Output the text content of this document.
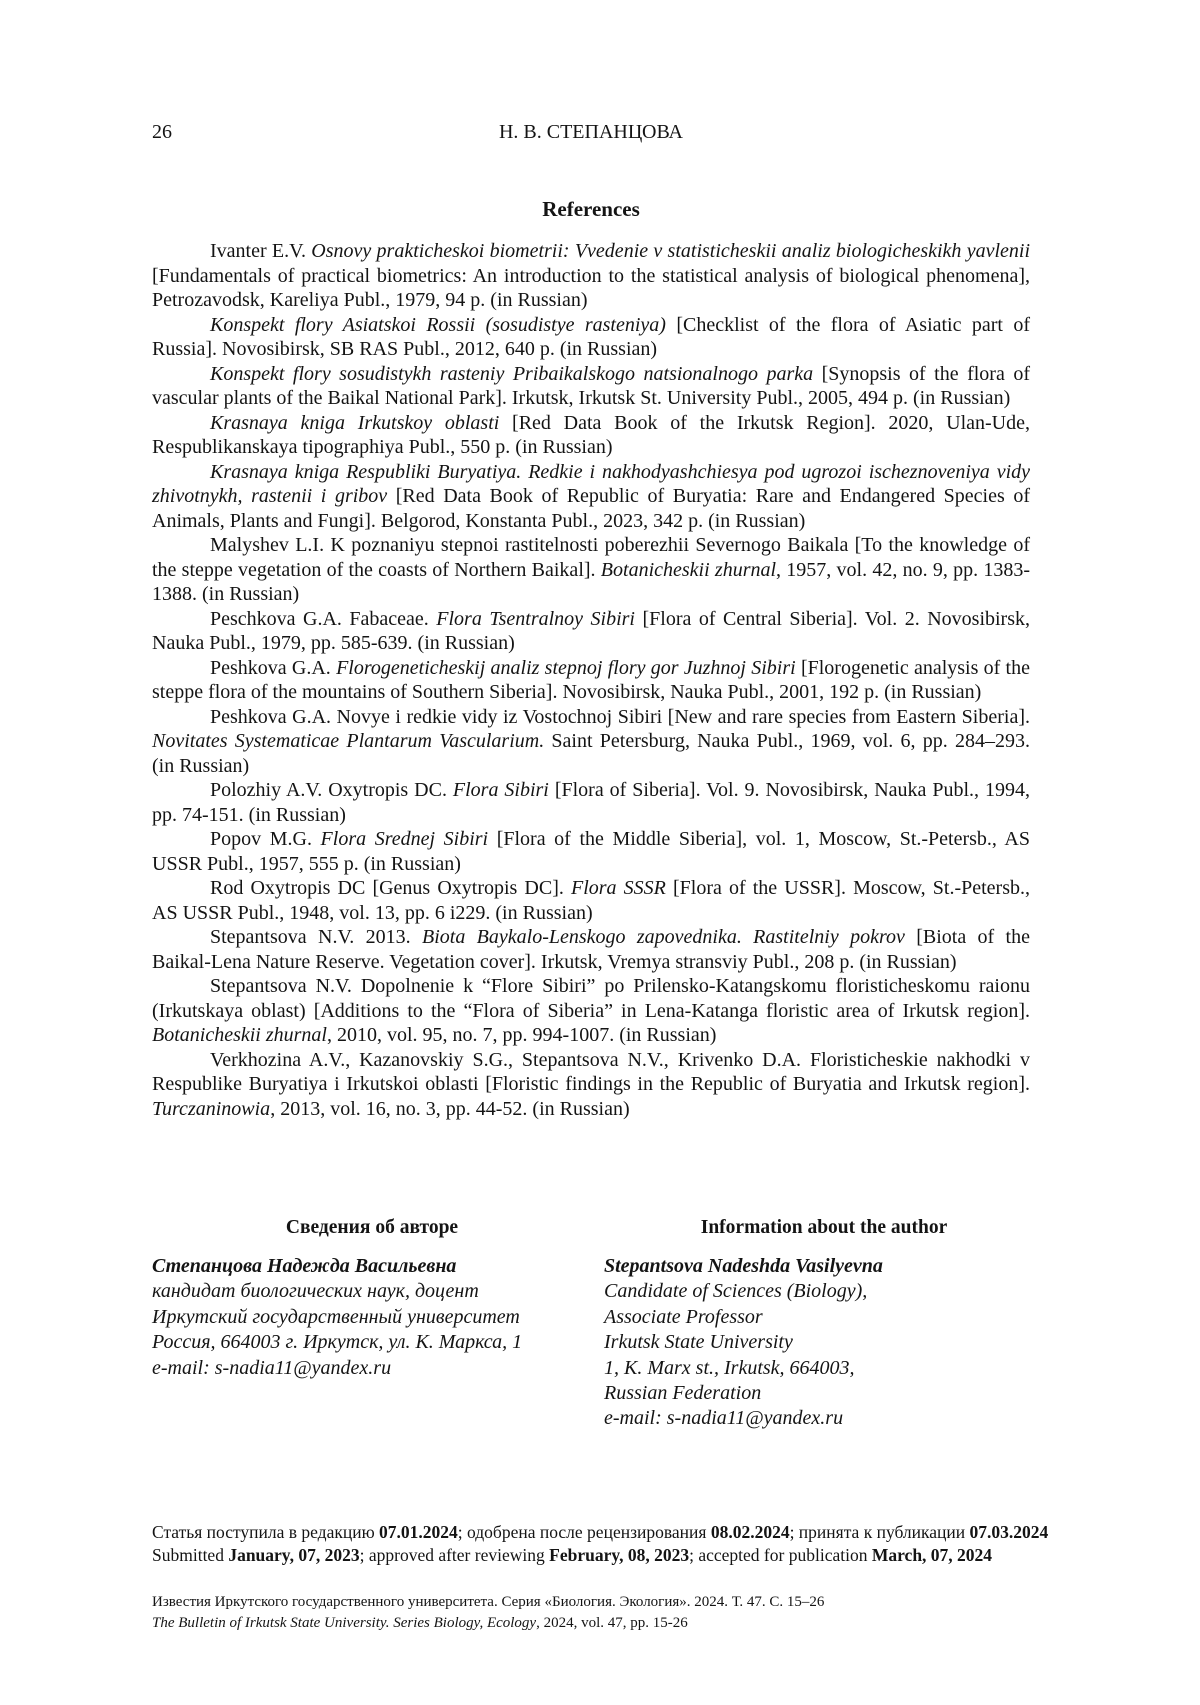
26	Н. В. СТЕПАНЦОВА
References

Ivanter E.V. Osnovy prakticheskoi biometrii: Vvedenie v statisticheskii analiz biologicheskikh yavlenii [Fundamentals of practical biometrics: An introduction to the statistical analysis of biological phenomena], Petrozavodsk, Kareliya Publ., 1979, 94 p. (in Russian)

Konspekt flory Asiatskoi Rossii (sosudistye rasteniya) [Checklist of the flora of Asiatic part of Russia]. Novosibirsk, SB RAS Publ., 2012, 640 p. (in Russian)

Konspekt flory sosudistykh rasteniy Pribaikalskogo natsionalnogo parka [Synopsis of the flora of vascular plants of the Baikal National Park]. Irkutsk, Irkutsk St. University Publ., 2005, 494 p. (in Russian)

Krasnaya kniga Irkutskoy oblasti [Red Data Book of the Irkutsk Region]. 2020, Ulan-Ude, Respublikanskaya tipographiya Publ., 550 p. (in Russian)

Krasnaya kniga Respubliki Buryatiya. Redkie i nakhodyashchiesya pod ugrozoi ischeznoveniya vidy zhivotnykh, rastenii i gribov [Red Data Book of Republic of Buryatia: Rare and Endangered Species of Animals, Plants and Fungi]. Belgorod, Konstanta Publ., 2023, 342 p. (in Russian)

Malyshev L.I. K poznaniyu stepnoi rastitelnosti poberezhii Severnogo Baikala [To the knowledge of the steppe vegetation of the coasts of Northern Baikal]. Botanicheskii zhurnal, 1957, vol. 42, no. 9, pp. 1383-1388. (in Russian)

Peschkova G.A. Fabaceae. Flora Tsentralnoy Sibiri [Flora of Central Siberia]. Vol. 2. Novosibirsk, Nauka Publ., 1979, pp. 585-639. (in Russian)

Peshkova G.A. Florogeneticheskij analiz stepnoj flory gor Juzhnoj Sibiri [Florogenetic analysis of the steppe flora of the mountains of Southern Siberia]. Novosibirsk, Nauka Publ., 2001, 192 p. (in Russian)

Peshkova G.A. Novye i redkie vidy iz Vostochnoj Sibiri [New and rare species from Eastern Siberia]. Novitates Systematicae Plantarum Vascularium. Saint Petersburg, Nauka Publ., 1969, vol. 6, pp. 284–293. (in Russian)

Polozhiy A.V. Oxytropis DC. Flora Sibiri [Flora of Siberia]. Vol. 9. Novosibirsk, Nauka Publ., 1994, pp. 74-151. (in Russian)

Popov M.G. Flora Srednej Sibiri [Flora of the Middle Siberia], vol. 1, Moscow, St.-Petersb., AS USSR Publ., 1957, 555 p. (in Russian)

Rod Oxytropis DC [Genus Oxytropis DC]. Flora SSSR [Flora of the USSR]. Moscow, St.-Petersb., AS USSR Publ., 1948, vol. 13, pp. 6 i229. (in Russian)

Stepantsova N.V. 2013. Biota Baykalo-Lenskogo zapovednika. Rastitelniy pokrov [Biota of the Baikal-Lena Nature Reserve. Vegetation cover]. Irkutsk, Vremya stransviy Publ., 208 p. (in Russian)

Stepantsova N.V. Dopolnenie k “Flore Sibiri” po Prilensko-Katangskomu floristicheskomu raionu (Irkutskaya oblast) [Additions to the “Flora of Siberia” in Lena-Katanga floristic area of Irkutsk region]. Botanicheskii zhurnal, 2010, vol. 95, no. 7, pp. 994-1007. (in Russian)

Verkhozina A.V., Kazanovskiy S.G., Stepantsova N.V., Krivenko D.A. Floristicheskie nakhodki v Respublike Buryatiya i Irkutskoi oblasti [Floristic findings in the Republic of Buryatia and Irkutsk region]. Turczaninowia, 2013, vol. 16, no. 3, pp. 44-52. (in Russian)

Сведения об авторе
Степанцова Надежда Васильевна
кандидат биологических наук, доцент
Иркутский государственный университет
Россия, 664003 г. Иркутск, ул. К. Маркса, 1
e-mail: s-nadia11@yandex.ru
Information about the author
Stepantsova Nadeshda Vasilyevna
Candidate of Sciences (Biology),
Associate Professor
Irkutsk State University
1, K. Marx st., Irkutsk, 664003,
Russian Federation
e-mail: s-nadia11@yandex.ru

Статья поступила в редакцию 07.01.2024; одобрена после рецензирования 08.02.2024; принята к публикации 07.03.2024

Submitted January, 07, 2023; approved after reviewing February, 08, 2023; accepted for publication March, 07, 2024

Известия Иркутского государственного университета. Серия «Биология. Экология». 2024. Т. 47. С. 15–26

The Bulletin of Irkutsk State University. Series Biology, Ecology, 2024, vol. 47, pp. 15-26
